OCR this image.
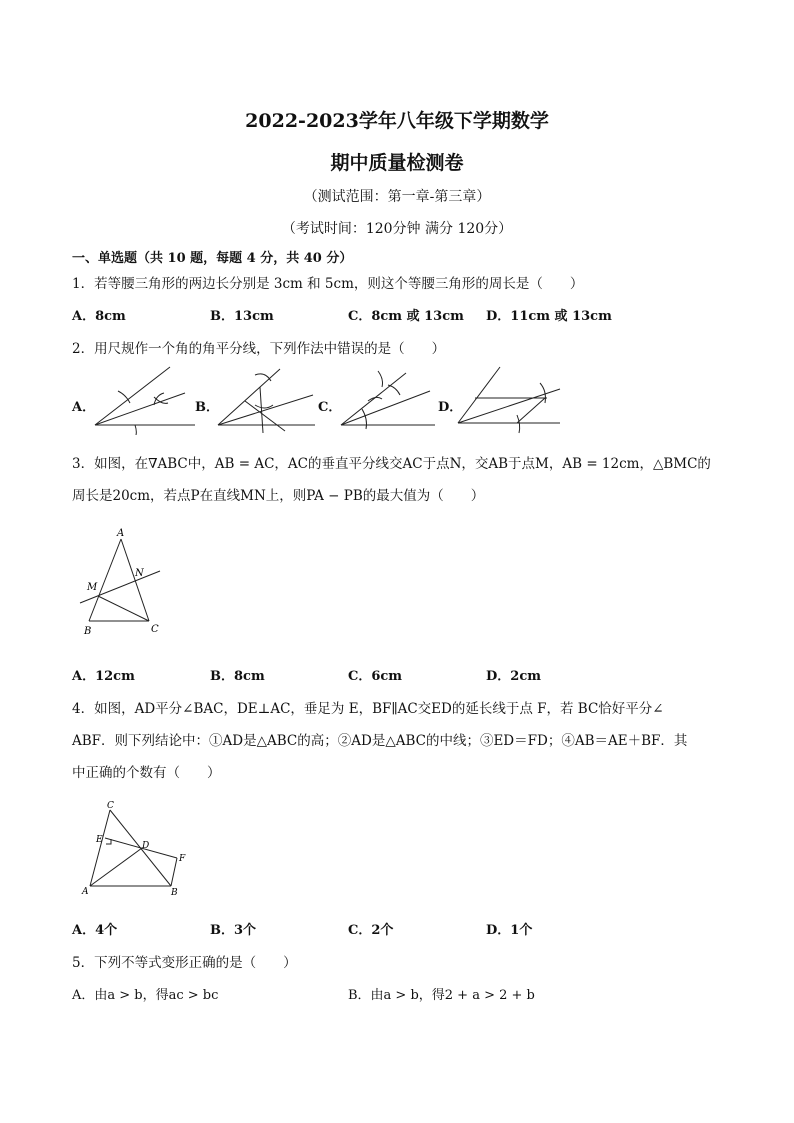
2022-2023学年八年级下学期数学
期中质量检测卷
（测试范围：第一章-第三章）
（考试时间：120分钟 满分 120分）
一、单选题（共 10 题，每题 4 分，共 40 分）
1．若等腰三角形的两边长分别是 3cm 和 5cm，则这个等腰三角形的周长是（　　）
A．8cm	B．13cm	C．8cm 或 13cm D．11cm 或 13cm
2．用尺规作一个角的角平分线，下列作法中错误的是（　　）
A．	B．	C．	D．
3．如图，在∇ABC中，AB = AC，AC的垂直平分线交AC于点N，交AB于点M，AB = 12cm，△BMC的
周长是20cm，若点P在直线MN上，则PA − PB的最大值为（　　）
A
B	C
M
N
A．12cm	B．8cm	C．6cm	D．2cm
4．如图，AD平分∠BAC，DE⊥AC，垂足为 E，BF∥AC交ED的延长线于点 F，若 BC恰好平分∠
ABF．则下列结论中：①AD是△ABC的高；②AD是△ABC的中线；③ED＝FD；④AB＝AE＋BF．其
中正确的个数有（　　）
C
E
D
F
A	B
A．4个	B．3个	C．2个	D．1个
5．下列不等式变形正确的是（　　）
A．由a > b，得ac > bc	B．由a > b，得2 + a > 2 + b
